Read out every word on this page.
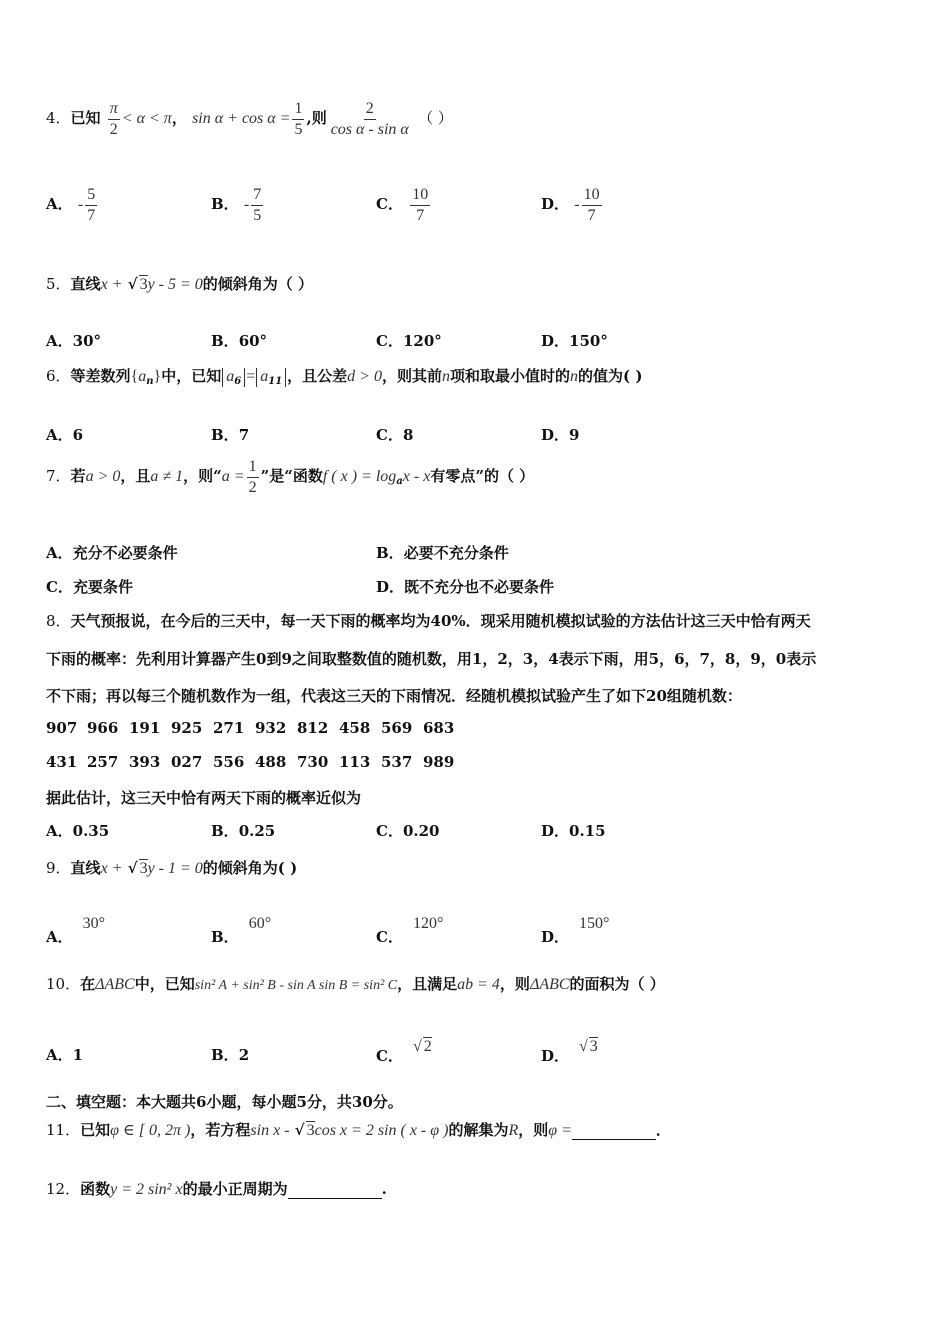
4．已知 $\frac{\pi}{2} < \alpha < \pi$， $\sin \alpha + \cos \alpha = \frac{1}{5}$ ,则 $\frac{2}{\text{cos α - sin α}}$ （ ）
A． - $\frac{5}{7}$	B． - $\frac{7}{5}$	C． $\frac{10}{7}$	D． - $\frac{10}{7}$
5．直线x + √ 3y - 5 = 0的倾斜角为（ ）
A．30°	B．60°	C．120°	D．150°
6．等差数列$\{a_n\}$中，已知 $a_6 = a_{11}$ ，且公差d > 0，则其前n项和取最小值时的n的值为( )
A．6	B．7	C．8	D．9
7．若a > 0，且a ≠ 1，则“$a = \frac{1}{2}$ ”是“函数f ( x ) = $\log_ax$ - x有零点”的（ ）
A．充分不必要条件	B．必要不充分条件
C．充要条件	D．既不充分也不必要条件
8．天气预报说，在今后的三天中，每一天下雨的概率均为40%．现采用随机模拟试验的方法估计这三天中恰有两天
下雨的概率：先利用计算器产生0到9之间取整数值的随机数，用1，2，3，4表示下雨，用5，6，7，8，9，0表示
不下雨；再以每三个随机数作为一组，代表这三天的下雨情况．经随机模拟试验产生了如下20组随机数：
907 966 191 925 271 932 812 458 569 683
431 257 393 027 556 488 730 113 537 989
据此估计，这三天中恰有两天下雨的概率近似为
A．0.35	B．0.25	C．0.20	D．0.15
9．直线x + √ 3y - 1 = 0的倾斜角为( )
A．30°
B．60°
C．120°
D．150°
10．在ΔABC中，已知sin² A + sin² B - sin A sin B = sin² C，且满足ab = 4，则ΔABC的面积为（ ）
A．1	B．2	C．√ 2
D．√ 3
二、填空题：本大题共6小题，每小题5分，共30分。
11．已知φ ∈ [ 0, 2π )，若方程sin x - √ 3cos x = 2 sin ( x - φ )的解集为R，则φ =	．
12．函数y = 2 sin² x的最小正周期为	.
